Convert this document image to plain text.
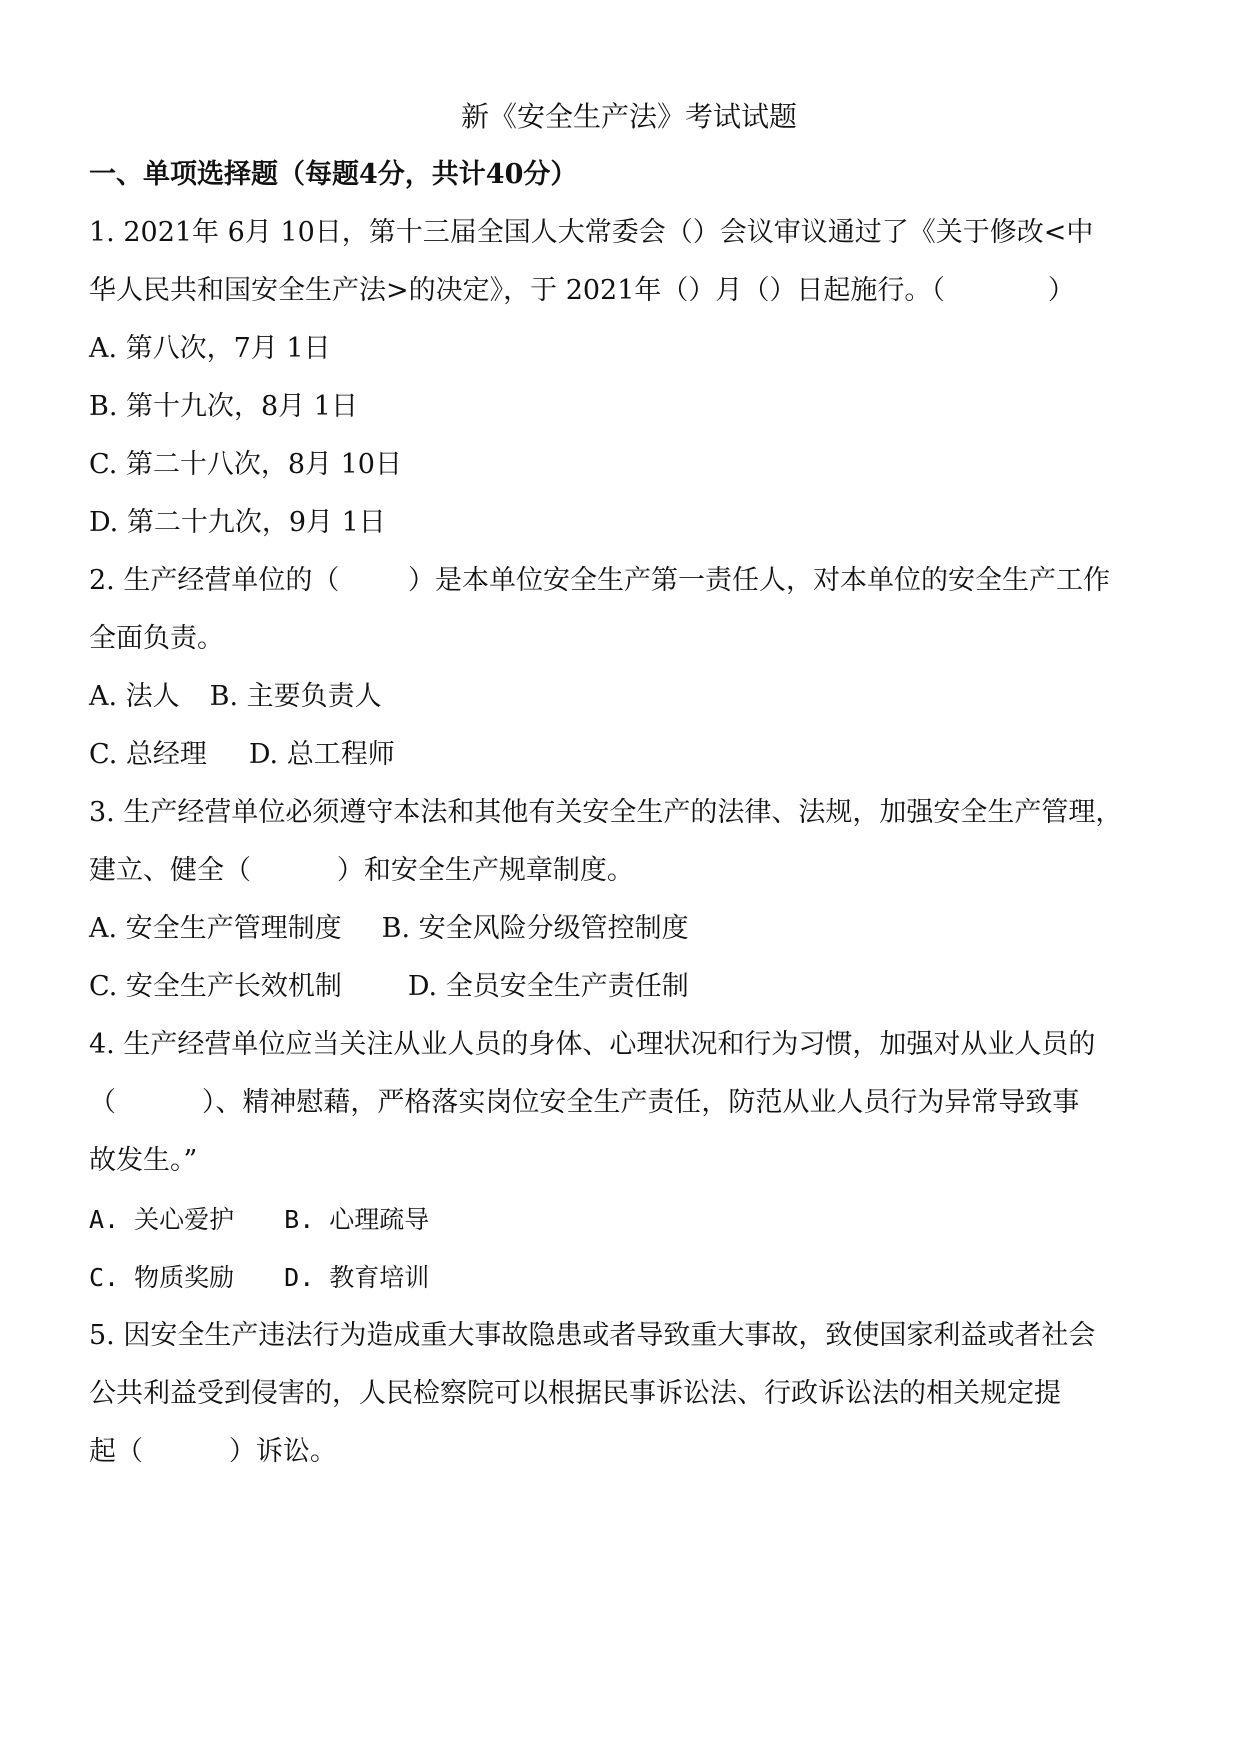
新《安全生产法》考试试题

一、单项选择题（每题4分，共计40分）

1. 2021年 6月 10日，第十三届全国人大常委会（）会议审议通过了《关于修改<中

华人民共和国安全生产法>的决定》，于 2021年（）月（）日起施行。（            ）

A. 第八次，7月 1日

B. 第十九次，8月 1日

C. 第二十八次，8月 10日

D. 第二十九次，9月 1日

2. 生产经营单位的（        ）是本单位安全生产第一责任人，对本单位的安全生产工作

全面负责。

A. 法人 B. 主要负责人

C. 总经理 D. 总工程师

3. 生产经营单位必须遵守本法和其他有关安全生产的法律、法规，加强安全生产管理，

建立、健全（          ）和安全生产规章制度。

A. 安全生产管理制度 B. 安全风险分级管控制度

C. 安全生产长效机制 D. 全员安全生产责任制

4. 生产经营单位应当关注从业人员的身体、心理状况和行为习惯，加强对从业人员的

（          ）、精神慰藉，严格落实岗位安全生产责任，防范从业人员行为异常导致事

故发生。”

A. 关心爱护 B. 心理疏导

C. 物质奖励 D. 教育培训

5. 因安全生产违法行为造成重大事故隐患或者导致重大事故，致使国家利益或者社会

公共利益受到侵害的，人民检察院可以根据民事诉讼法、行政诉讼法的相关规定提

起（          ）诉讼。
